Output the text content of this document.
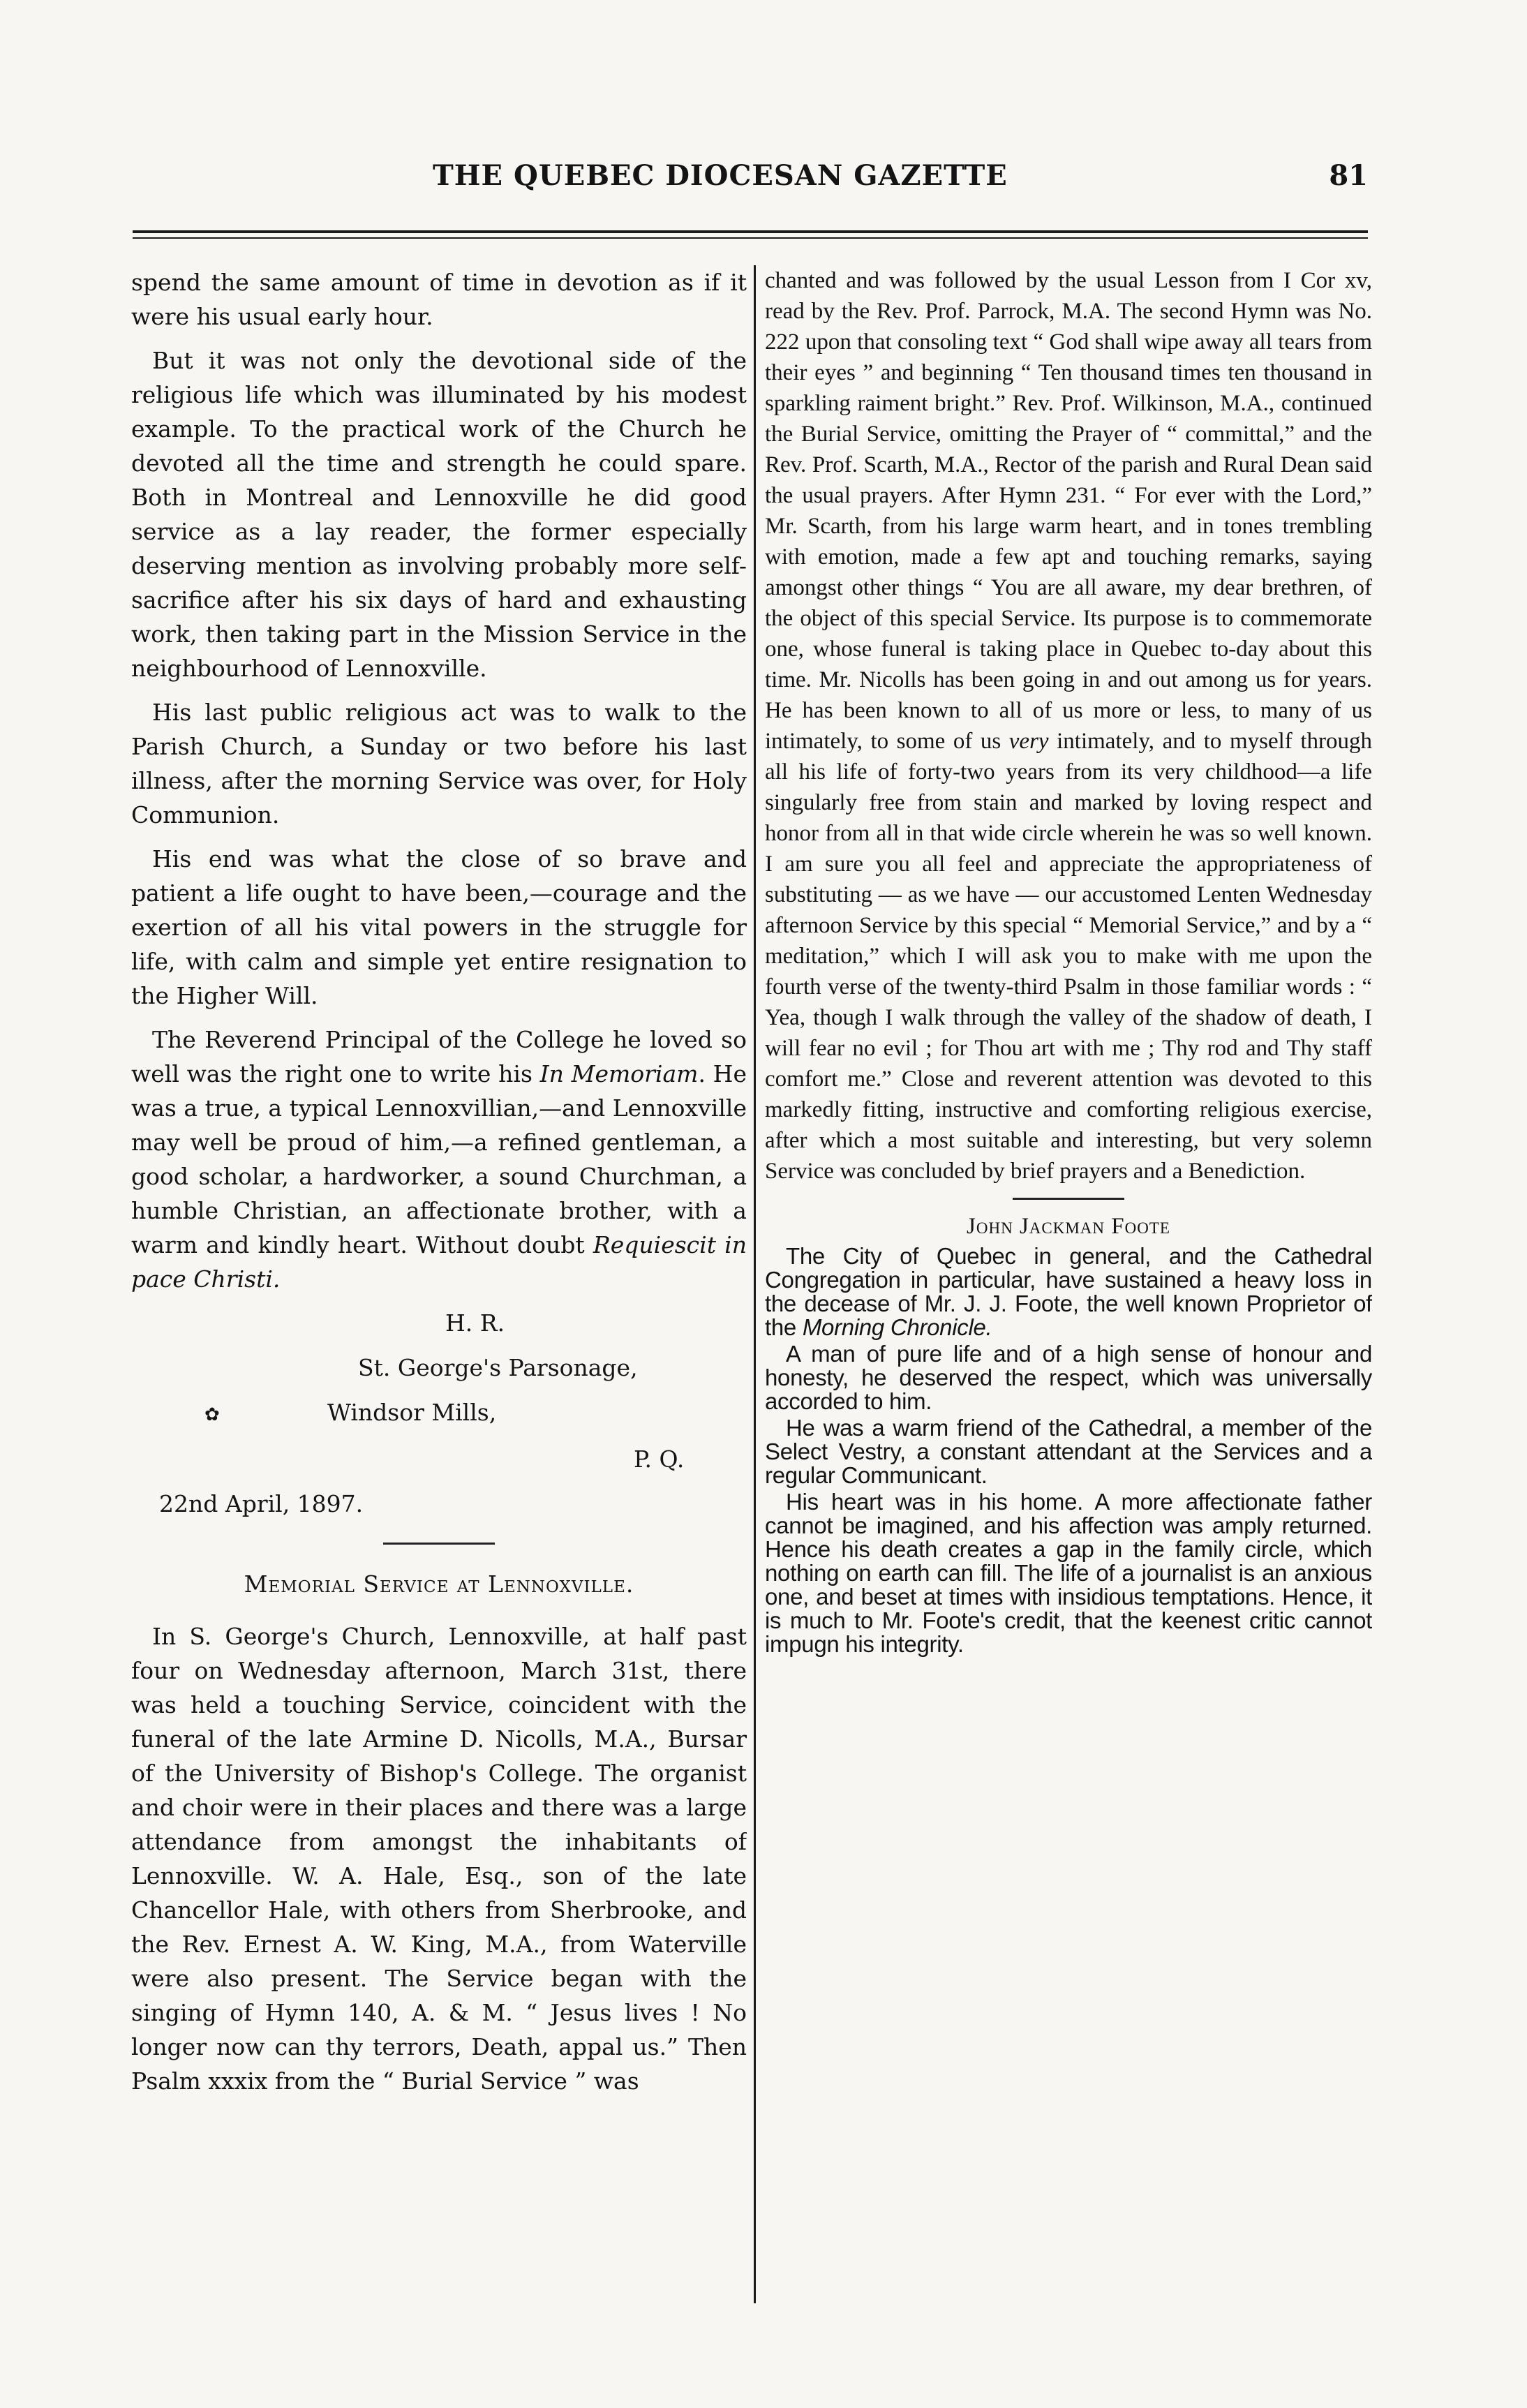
THE QUEBEC DIOCESAN GAZETTE	81

spend the same amount of time in devotion as if it were his usual early hour.

But it was not only the devotional side of the religious life which was illuminated by his modest example. To the practical work of the Church he devoted all the time and strength he could spare. Both in Montreal and Lennoxville he did good service as a lay reader, the former especially deserving mention as involving probably more self-sacrifice after his six days of hard and exhausting work, then taking part in the Mission Service in the neighbourhood of Lennoxville.

His last public religious act was to walk to the Parish Church, a Sunday or two before his last illness, after the morning Service was over, for Holy Communion.

His end was what the close of so brave and patient a life ought to have been,—courage and the exertion of all his vital powers in the struggle for life, with calm and simple yet entire resignation to the Higher Will.

The Reverend Principal of the College he loved so well was the right one to write his In Memoriam. He was a true, a typical Lennoxvillian,—and Lennoxville may well be proud of him,—a refined gentleman, a good scholar, a hardworker, a sound Churchman, a humble Christian, an affectionate brother, with a warm and kindly heart. Without doubt Requiescit in pace Christi.

H. R.

St. George's Parsonage,

✿	Windsor Mills,

P. Q.

22nd April, 1897.

Memorial Service at Lennoxville.

In S. George's Church, Lennoxville, at half past four on Wednesday afternoon, March 31st, there was held a touching Service, coincident with the funeral of the late Armine D. Nicolls, M.A., Bursar of the University of Bishop's College. The organist and choir were in their places and there was a large attendance from amongst the inhabitants of Lennoxville. W. A. Hale, Esq., son of the late Chancellor Hale, with others from Sherbrooke, and the Rev. Ernest A. W. King, M.A., from Waterville were also present. The Service began with the singing of Hymn 140, A. & M. “ Jesus lives ! No longer now can thy terrors, Death, appal us.” Then Psalm xxxix from the “ Burial Service ” was

chanted and was followed by the usual Lesson from I Cor xv, read by the Rev. Prof. Parrock, M.A. The second Hymn was No. 222 upon that consoling text “ God shall wipe away all tears from their eyes ” and beginning “ Ten thousand times ten thousand in sparkling raiment bright.” Rev. Prof. Wilkinson, M.A., continued the Burial Service, omitting the Prayer of “ committal,” and the Rev. Prof. Scarth, M.A., Rector of the parish and Rural Dean said the usual prayers. After Hymn 231. “ For ever with the Lord,” Mr. Scarth, from his large warm heart, and in tones trembling with emotion, made a few apt and touching remarks, saying amongst other things “ You are all aware, my dear brethren, of the object of this special Service. Its purpose is to commemorate one, whose funeral is taking place in Quebec to-day about this time. Mr. Nicolls has been going in and out among us for years. He has been known to all of us more or less, to many of us intimately, to some of us very intimately, and to myself through all his life of forty-two years from its very childhood—a life singularly free from stain and marked by loving respect and honor from all in that wide circle wherein he was so well known. I am sure you all feel and appreciate the appropriateness of substituting — as we have — our accustomed Lenten Wednesday afternoon Service by this special “ Memorial Service,” and by a “ meditation,” which I will ask you to make with me upon the fourth verse of the twenty-third Psalm in those familiar words : “ Yea, though I walk through the valley of the shadow of death, I will fear no evil ; for Thou art with me ; Thy rod and Thy staff comfort me.” Close and reverent attention was devoted to this markedly fitting, instructive and comforting religious exercise, after which a most suitable and interesting, but very solemn Service was concluded by brief prayers and a Benediction.

John Jackman Foote

The City of Quebec in general, and the Cathedral Congregation in particular, have sustained a heavy loss in the decease of Mr. J. J. Foote, the well known Proprietor of the Morning Chronicle.

A man of pure life and of a high sense of honour and honesty, he deserved the respect, which was universally accorded to him.

He was a warm friend of the Cathedral, a member of the Select Vestry, a constant attendant at the Services and a regular Communicant.

His heart was in his home. A more affectionate father cannot be imagined, and his affection was amply returned. Hence his death creates a gap in the family circle, which nothing on earth can fill. The life of a journalist is an anxious one, and beset at times with insidious temptations. Hence, it is much to Mr. Foote's credit, that the keenest critic cannot impugn his integrity.
